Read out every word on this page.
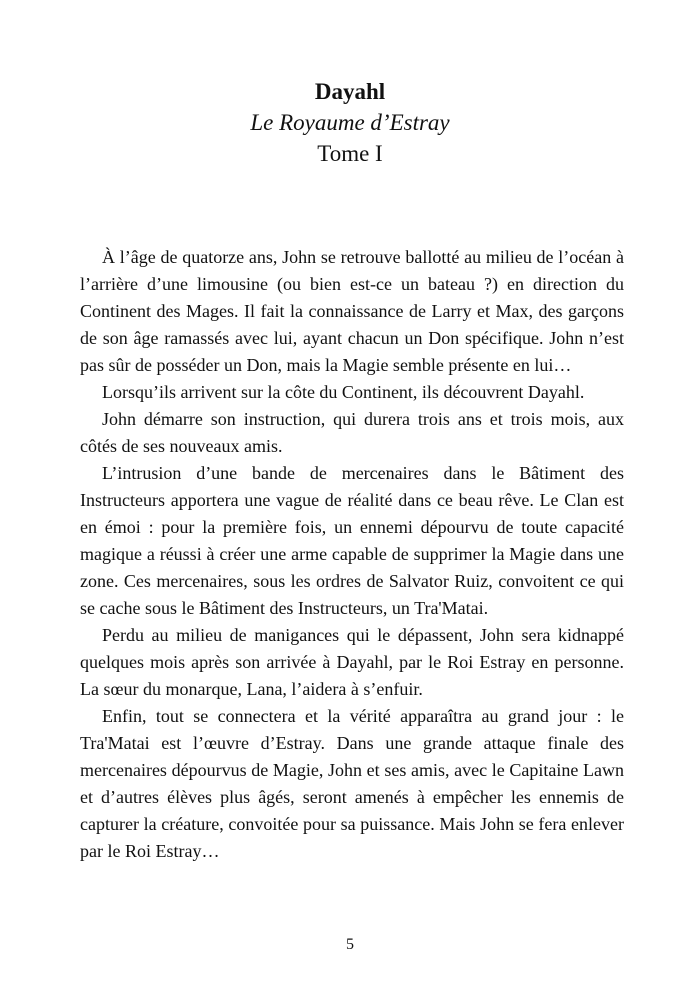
Dayahl
Le Royaume d’Estray
Tome I

À l’âge de quatorze ans, John se retrouve ballotté au milieu de l’océan à l’arrière d’une limousine (ou bien est-ce un bateau ?) en direction du Continent des Mages. Il fait la connaissance de Larry et Max, des garçons de son âge ramassés avec lui, ayant chacun un Don spécifique. John n’est pas sûr de posséder un Don, mais la Magie semble présente en lui…

Lorsqu’ils arrivent sur la côte du Continent, ils découvrent Dayahl.

John démarre son instruction, qui durera trois ans et trois mois, aux côtés de ses nouveaux amis.

L’intrusion d’une bande de mercenaires dans le Bâtiment des Instructeurs apportera une vague de réalité dans ce beau rêve. Le Clan est en émoi : pour la première fois, un ennemi dépourvu de toute capacité magique a réussi à créer une arme capable de supprimer la Magie dans une zone. Ces mercenaires, sous les ordres de Salvator Ruiz, convoitent ce qui se cache sous le Bâtiment des Instructeurs, un Tra'Matai.

Perdu au milieu de manigances qui le dépassent, John sera kidnappé quelques mois après son arrivée à Dayahl, par le Roi Estray en personne. La sœur du monarque, Lana, l’aidera à s’enfuir.

Enfin, tout se connectera et la vérité apparaîtra au grand jour : le Tra'Matai est l’œuvre d’Estray. Dans une grande attaque finale des mercenaires dépourvus de Magie, John et ses amis, avec le Capitaine Lawn et d’autres élèves plus âgés, seront amenés à empêcher les ennemis de capturer la créature, convoitée pour sa puissance. Mais John se fera enlever par le Roi Estray…

5
